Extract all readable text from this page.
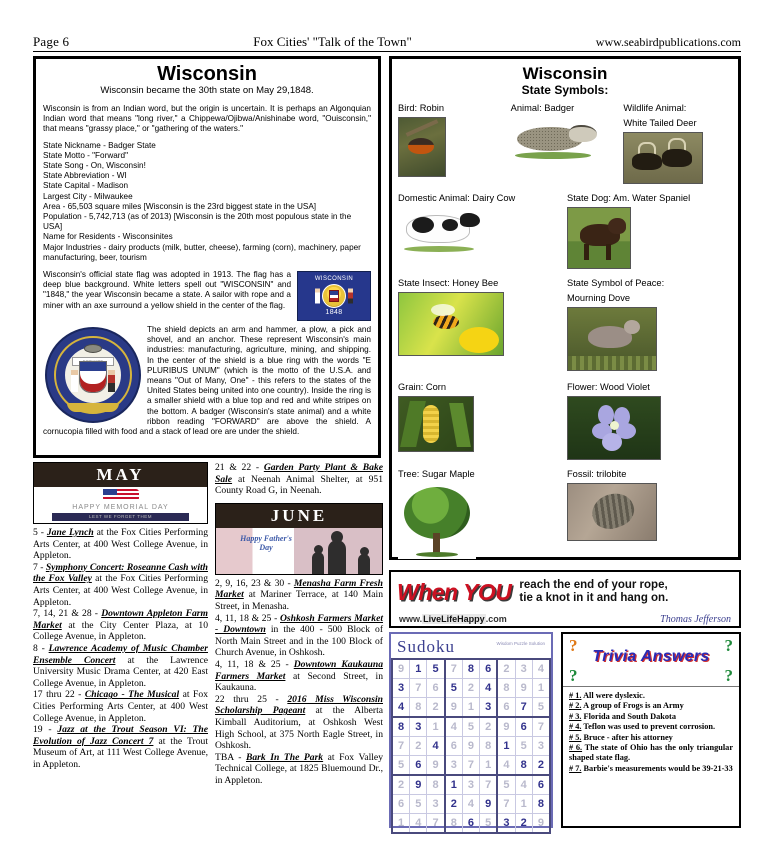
Page 6	Fox Cities' "Talk of the Town"	www.seabirdpublications.com
Wisconsin
Wisconsin became the 30th state on May 29,1848.

Wisconsin is from an Indian word, but the origin is uncertain. It is perhaps an Algonquian Indian word that means "long river," a Chippewa/Ojibwa/Anishinabe word, "Ouisconsin," that means "grassy place," or "gathering of the waters."

State Nickname - Badger State
State Motto - "Forward"
State Song - On, Wisconsin!
State Abbreviation - WI
State Capital - Madison
Largest City - Milwaukee
Area - 65,503 square miles [Wisconsin is the 23rd biggest state in the USA]
Population - 5,742,713 (as of 2013) [Wisconsin is the 20th most populous state in the USA]
Name for Residents - Wisconsinites
Major Industries - dairy products (milk, butter, cheese), farming (corn), machinery, paper manufacturing, beer, tourism
WISCONSIN
1848

Wisconsin's official state flag was adopted in 1913. The flag has a deep blue background. White letters spell out "WISCONSIN" and "1848," the year Wisconsin became a state. A sailor with rope and a miner with an axe surround a yellow shield in the center of the flag.

The shield depicts an arm and hammer, a plow, a pick and shovel, and an anchor. These represent Wisconsin's main industries: manufacturing, agriculture, mining, and shipping. In the center of the shield is a blue ring with the words "E PLURIBUS UNUM" (which is the motto of the U.S.A. and means "Out of Many, One" - this refers to the states of the United States being united into one country). Inside the ring is a smaller shield with a blue top and red and white stripes on the bottom. A badger (Wisconsin's state animal) and a white ribbon reading "FORWARD" are above the shield. A cornucopia filled with food and a stack of lead ore are under the shield.

Wisconsin
State Symbols:
Bird: Robin	Animal: Badger	Wildlife Animal:
White Tailed Deer
Domestic Animal: Dairy Cow	State Dog: Am. Water Spaniel
State Insect: Honey Bee	State Symbol of Peace:
Mourning Dove
Grain: Corn	Flower: Wood Violet
Tree: Sugar Maple	Fossil: trilobite
MAY
HAPPY MEMORIAL DAY
LEST WE FORGET THEM

5 - Jane Lynch at the Fox Cities Performing Arts Center, at 400 West College Avenue, in Appleton.

7 - Symphony Concert: Roseanne Cash with the Fox Valley at the Fox Cities Performing Arts Center, at 400 West College Avenue, in Appleton.

7, 14, 21 & 28 - Downtown Appleton Farm Market at the City Center Plaza, at 10 College Avenue, in Appleton.

8 - Lawrence Academy of Music Chamber Ensemble Concert at the Lawrence University Music Drama Center, at 420 East College Avenue, in Appleton.

17 thru 22 - Chicago - The Musical at Fox Cities Performing Arts Center, at 400 West College Avenue, in Appleton.

19 - Jazz at the Trout Season VI: The Evolution of Jazz Concert 7 at the Trout Museum of Art, at 111 West College Avenue, in Appleton.

21 & 22 - Garden Party Plant & Bake Sale at Neenah Animal Shelter, at 951 County Road G, in Neenah.

JUNE
Happy Father's Day

2, 9, 16, 23 & 30 - Menasha Farm Fresh Market at Mariner Terrace, at 140 Main Street, in Menasha.

4, 11, 18 & 25 - Oshkosh Farmers Market - Downtown in the 400 - 500 Block of North Main Street and in the 100 Block of Church Avenue, in Oshkosh.

4, 11, 18 & 25 - Downtown Kaukauna Farmers Market at Second Street, in Kaukauna.

22 thru 25 - 2016 Miss Wisconsin Scholarship Pageant at the Alberta Kimball Auditorium, at Oshkosh West High School, at 375 North Eagle Street, in Oshkosh.

TBA - Bark In The Park at Fox Valley Technical College, at 1825 Bluemound Dr., in Appleton.

When YOU reach the end of your rope,
tie a knot in it and hang on.
www.LiveLifeHappy.com	Thomas Jefferson
Sudoku	Wisdom Puzzle Solution
9	1	5	7	8	6	2	3	4
3	7	6	5	2	4	8	9	1
4	8	2	9	1	3	6	7	5
8	3	1	4	5	2	9	6	7
7	2	4	6	9	8	1	5	3
5	6	9	3	7	1	4	8	2
2	9	8	1	3	7	5	4	6
6	5	3	2	4	9	7	1	8
1	4	7	8	6	5	3	2	9
?	?
?	?
Trivia Answers

# 1. All were dyslexic.

# 2. A group of Frogs is an Army

# 3. Florida and South Dakota

# 4. Teflon was used to prevent corrosion.

# 5. Bruce - after his attorney

# 6. The state of Ohio has the only triangular shaped state flag.

# 7. Barbie's measurements would be 39-21-33
